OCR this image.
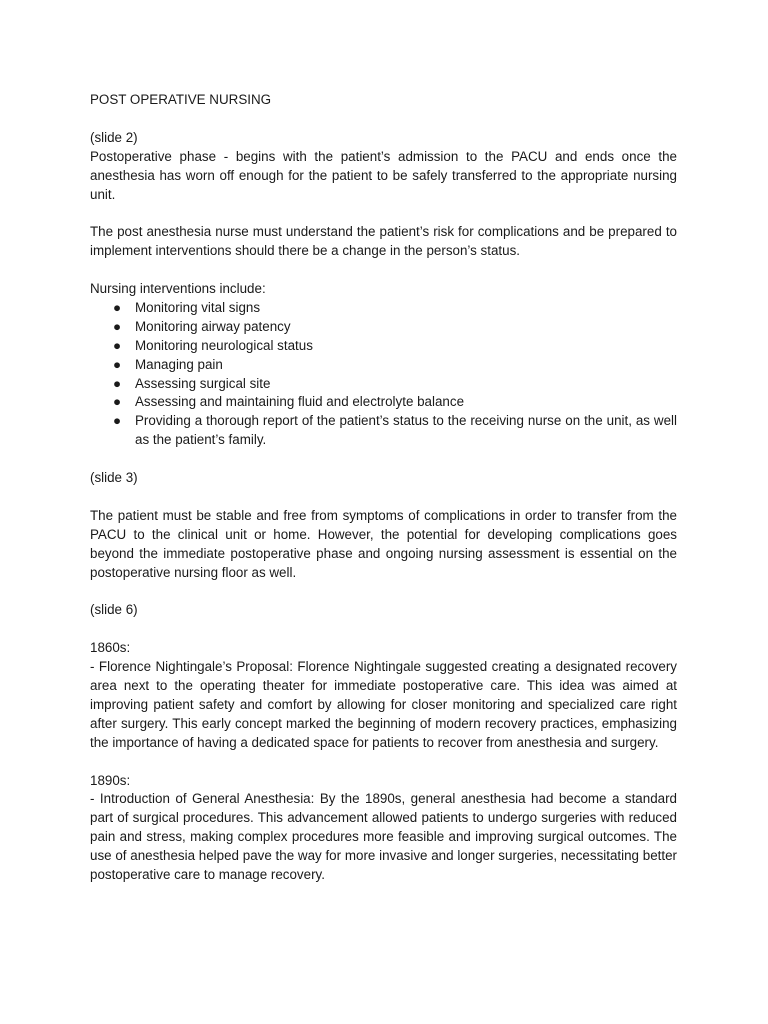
POST OPERATIVE NURSING

(slide 2)

Postoperative phase - begins with the patient’s admission to the PACU and ends once the anesthesia has worn off enough for the patient to be safely transferred to the appropriate nursing unit.

The post anesthesia nurse must understand the patient’s risk for complications and be prepared to implement interventions should there be a change in the person’s status.

Nursing interventions include:

● Monitoring vital signs
● Monitoring airway patency
● Monitoring neurological status
● Managing pain
● Assessing surgical site
● Assessing and maintaining fluid and electrolyte balance
● Providing a thorough report of the patient’s status to the receiving nurse on the unit, as well as the patient’s family.

(slide 3)

The patient must be stable and free from symptoms of complications in order to transfer from the PACU to the clinical unit or home. However, the potential for developing complications goes beyond the immediate postoperative phase and ongoing nursing assessment is essential on the postoperative nursing floor as well.

(slide 6)

1860s:

- Florence Nightingale’s Proposal: Florence Nightingale suggested creating a designated recovery area next to the operating theater for immediate postoperative care. This idea was aimed at improving patient safety and comfort by allowing for closer monitoring and specialized care right after surgery. This early concept marked the beginning of modern recovery practices, emphasizing the importance of having a dedicated space for patients to recover from anesthesia and surgery.

1890s:

- Introduction of General Anesthesia: By the 1890s, general anesthesia had become a standard part of surgical procedures. This advancement allowed patients to undergo surgeries with reduced pain and stress, making complex procedures more feasible and improving surgical outcomes. The use of anesthesia helped pave the way for more invasive and longer surgeries, necessitating better postoperative care to manage recovery.
